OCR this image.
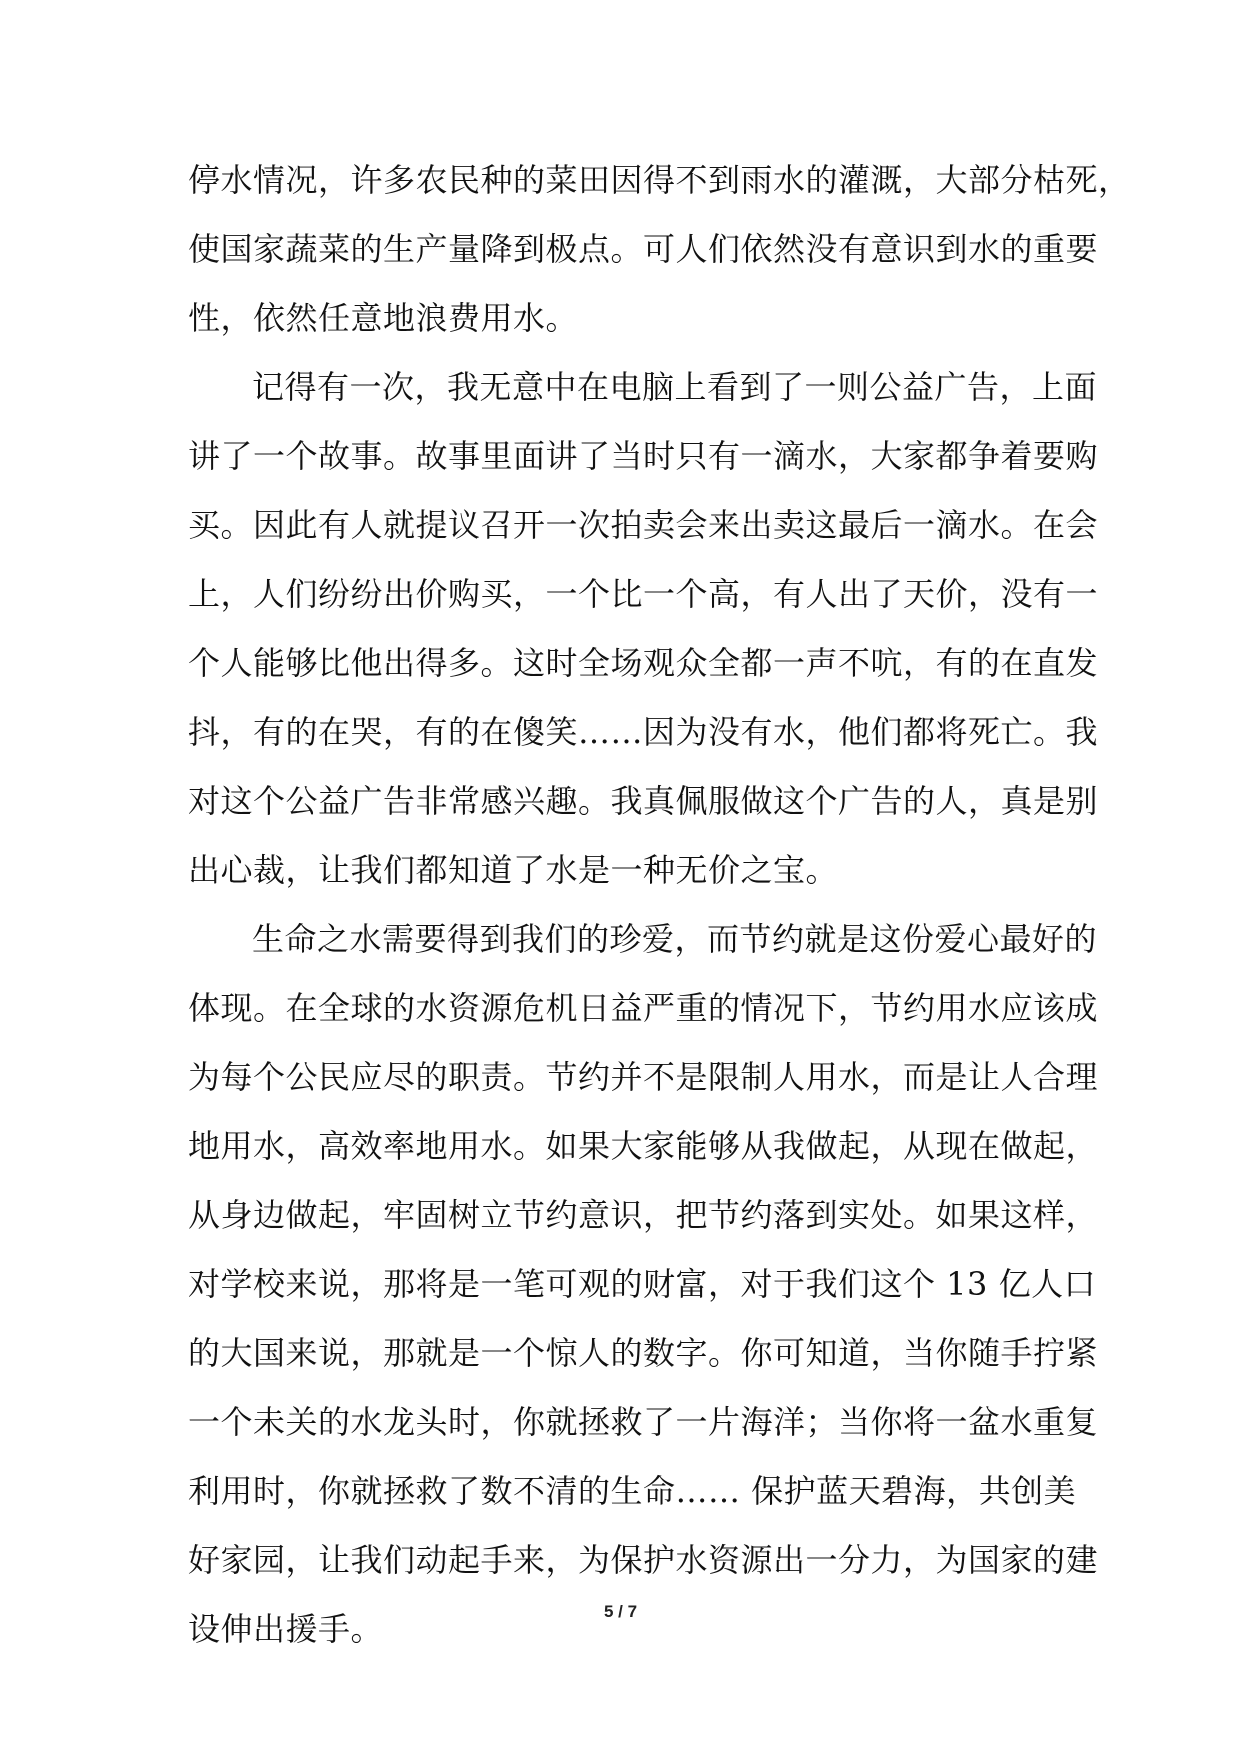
停水情况，许多农民种的菜田因得不到雨水的灌溉，大部分枯死，
使国家蔬菜的生产量降到极点。可人们依然没有意识到水的重要
性，依然任意地浪费用水。
记得有一次，我无意中在电脑上看到了一则公益广告，上面
讲了一个故事。故事里面讲了当时只有一滴水，大家都争着要购
买。因此有人就提议召开一次拍卖会来出卖这最后一滴水。在会
上，人们纷纷出价购买，一个比一个高，有人出了天价，没有一
个人能够比他出得多。这时全场观众全都一声不吭，有的在直发
抖，有的在哭，有的在傻笑……因为没有水，他们都将死亡。我
对这个公益广告非常感兴趣。我真佩服做这个广告的人，真是别
出心裁，让我们都知道了水是一种无价之宝。
生命之水需要得到我们的珍爱，而节约就是这份爱心最好的
体现。在全球的水资源危机日益严重的情况下，节约用水应该成
为每个公民应尽的职责。节约并不是限制人用水，而是让人合理
地用水，高效率地用水。如果大家能够从我做起，从现在做起，
从身边做起，牢固树立节约意识，把节约落到实处。如果这样，
对学校来说，那将是一笔可观的财富，对于我们这个 13 亿人口
的大国来说，那就是一个惊人的数字。你可知道，当你随手拧紧
一个未关的水龙头时，你就拯救了一片海洋；当你将一盆水重复
利用时，你就拯救了数不清的生命…… 保护蓝天碧海，共创美
好家园，让我们动起手来，为保护水资源出一分力，为国家的建
设伸出援手。	5 / 7
